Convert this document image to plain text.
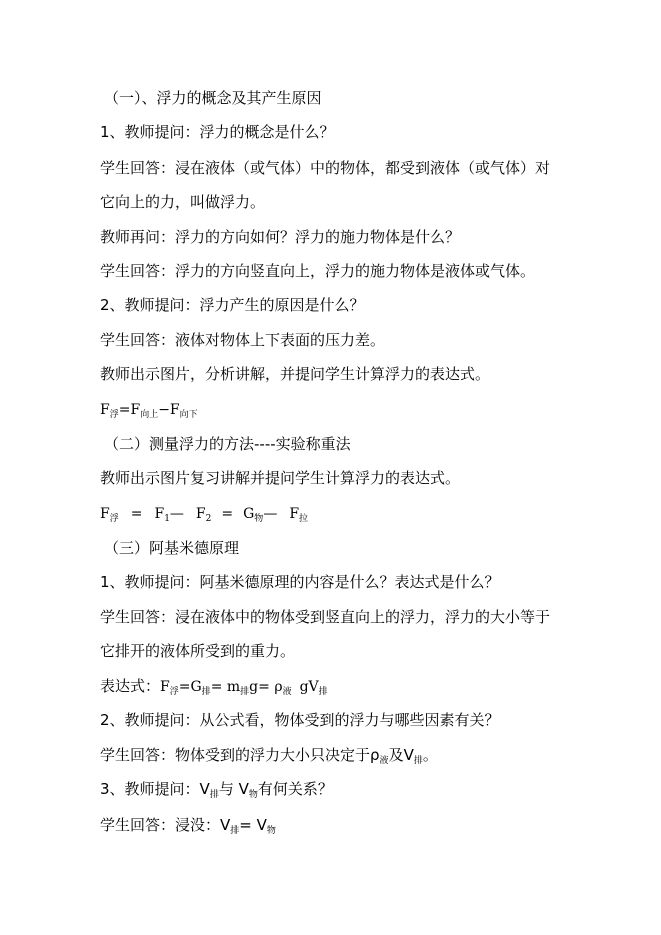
（一）、浮力的概念及其产生原因
1、教师提问：浮力的概念是什么？
学生回答：浸在液体（或气体）中的物体，都受到液体（或气体）对
它向上的力，叫做浮力。
教师再问：浮力的方向如何？浮力的施力物体是什么？
学生回答：浮力的方向竖直向上，浮力的施力物体是液体或气体。
2、教师提问：浮力产生的原因是什么？
学生回答：液体对物体上下表面的压力差。
教师出示图片，分析讲解，并提问学生计算浮力的表达式。
$F_浮=F_{向上}-F_{向下}$
（二）测量浮力的方法----实验称重法
教师出示图片复习讲解并提问学生计算浮力的表达式。
$F_浮$ = $F_1—$ $F_2$ = $G_物—$ $F_拉$
（三）阿基米德原理
1、教师提问：阿基米德原理的内容是什么？表达式是什么？
学生回答：浸在液体中的物体受到竖直向上的浮力，浮力的大小等于
它排开的液体所受到的重力。
表达式：$F_浮=G_排= m_排g= \rho_液$ $gV_排$
2、教师提问：从公式看，物体受到的浮力与哪些因素有关？
学生回答：物体受到的浮力大小只决定于$\rho_液$及$V_排$。
3、教师提问：$V_排$与 $V_物$有何关系？
学生回答：浸没：$V_排= V_物$
